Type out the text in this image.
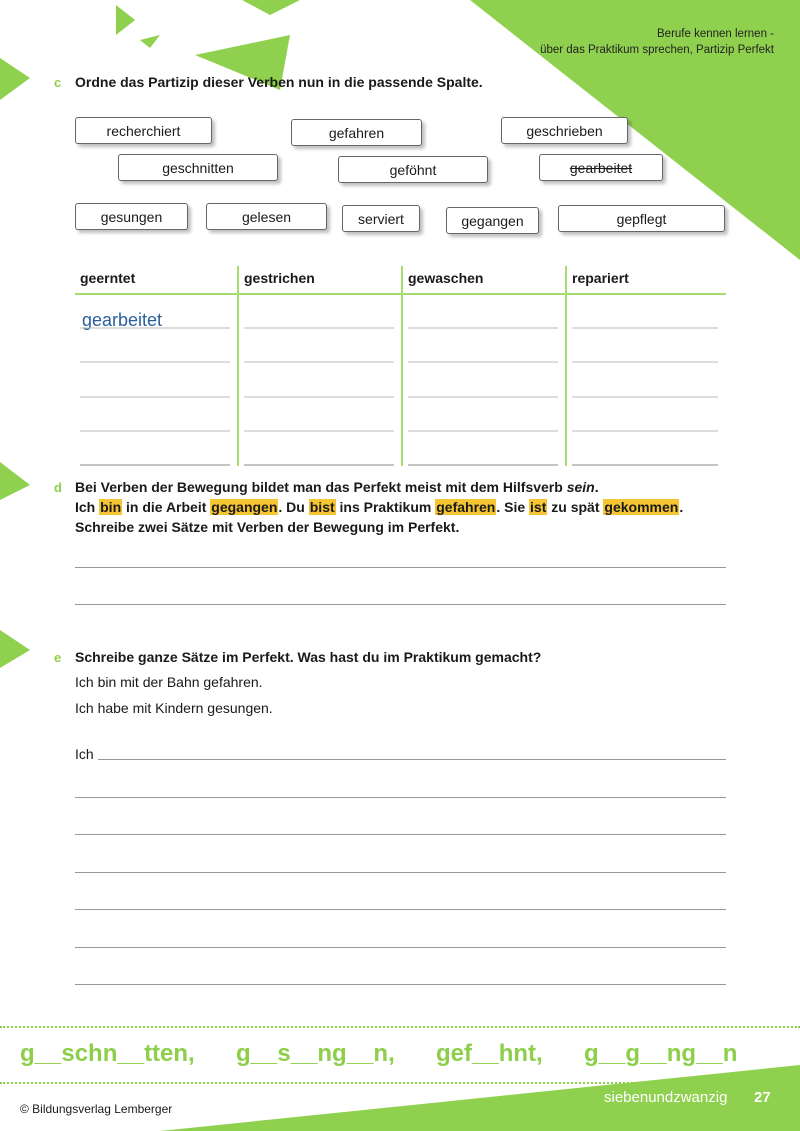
Berufe kennen lernen -
über das Praktikum sprechen, Partizip Perfekt
c Ordne das Partizip dieser Verben nun in die passende Spalte.
recherchiert	gefahren	geschrieben
geschnitten	geföhnt	gearbeitet
gesungen	gelesen	serviert	gegangen	gepflegt
geerntet	gestrichen	gewaschen	repariert
gearbeitet
d Bei Verben der Bewegung bildet man das Perfekt meist mit dem Hilfsverb sein.
Ich bin in die Arbeit gegangen. Du bist ins Praktikum gefahren. Sie ist zu spät gekommen.
Schreibe zwei Sätze mit Verben der Bewegung im Perfekt.
e Schreibe ganze Sätze im Perfekt. Was hast du im Praktikum gemacht?
Ich bin mit der Bahn gefahren.
Ich habe mit Kindern gesungen.
Ich
g__schn__tten, g__s__ng__n, gef__hnt, g__g__ng__n
© Bildungsverlag Lemberger
siebenundzwanzig 27
